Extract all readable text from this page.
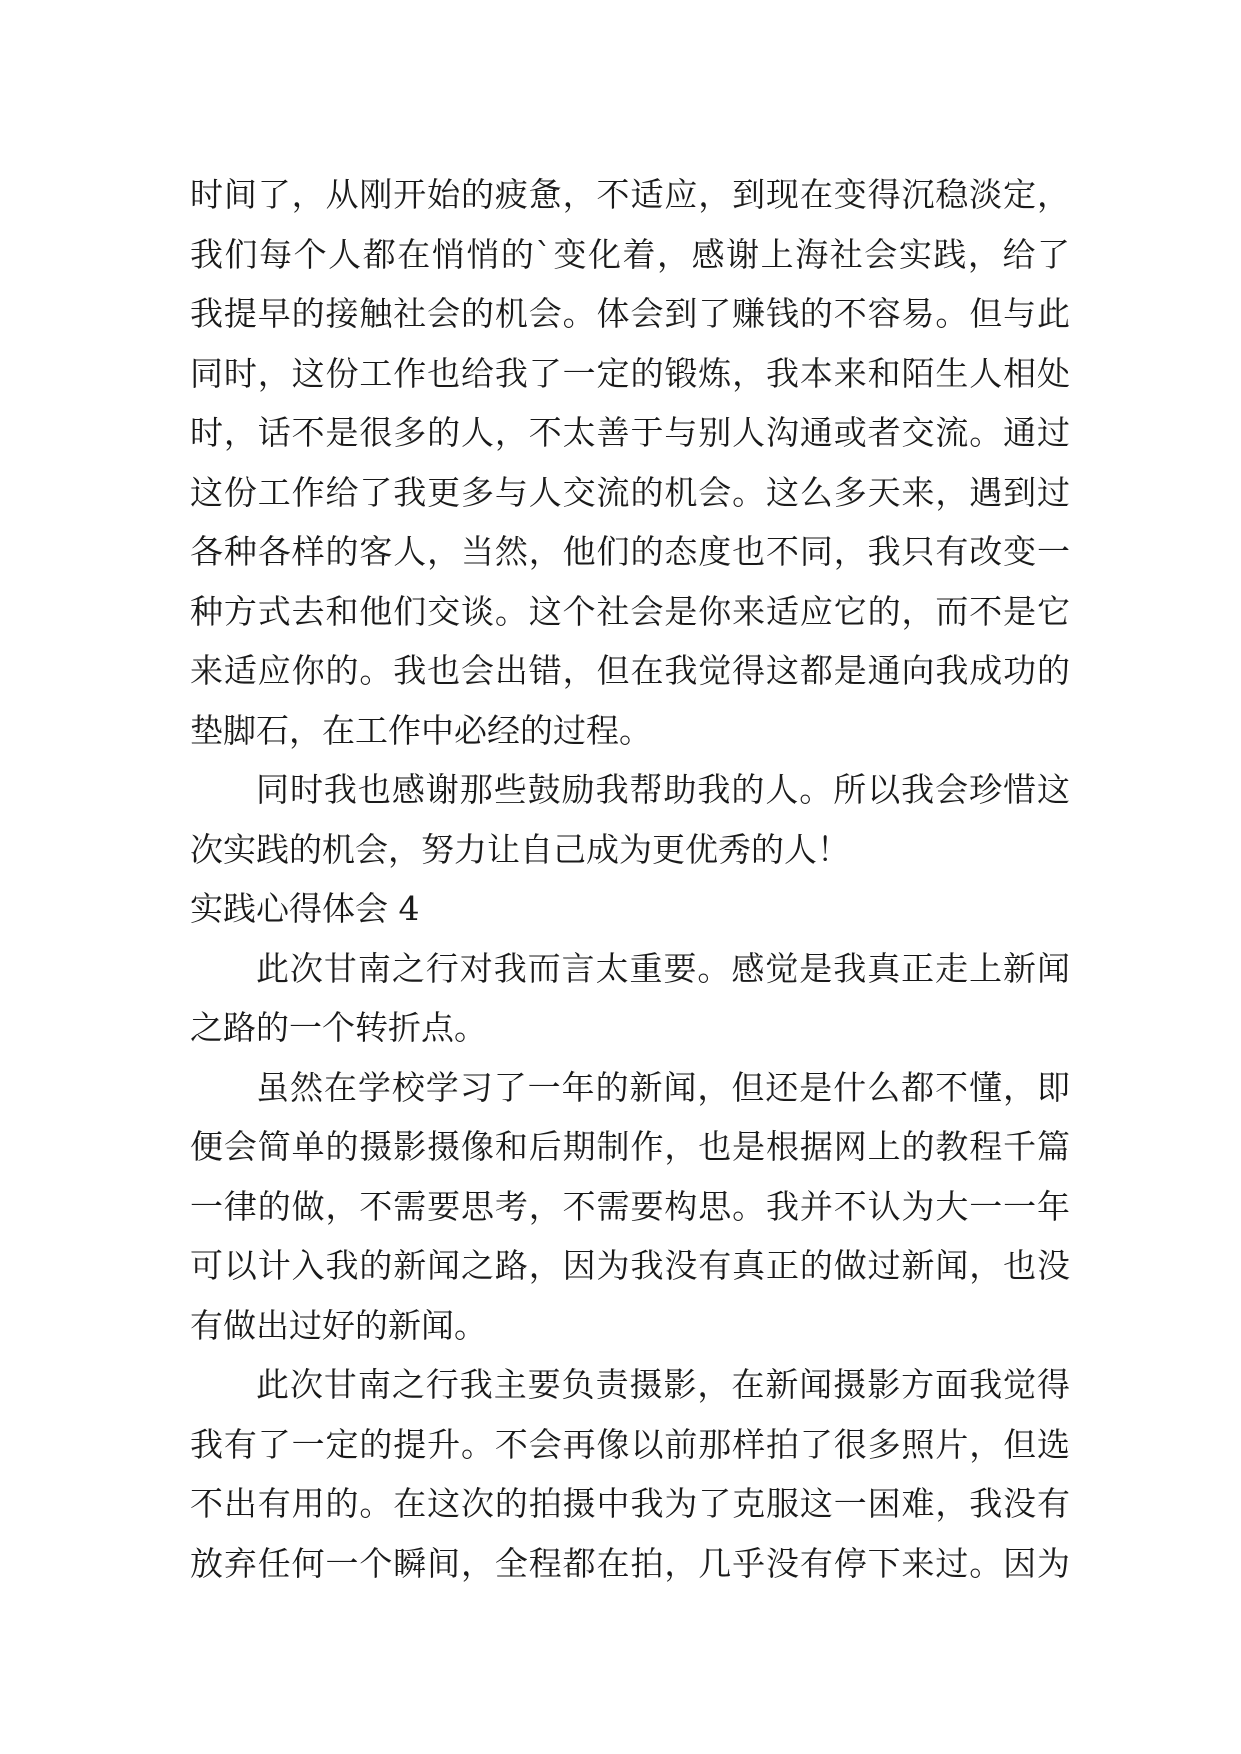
时间了，从刚开始的疲惫，不适应，到现在变得沉稳淡定，
我们每个人都在悄悄的`变化着，感谢上海社会实践，给了
我提早的接触社会的机会。体会到了赚钱的不容易。但与此
同时，这份工作也给我了一定的锻炼，我本来和陌生人相处
时，话不是很多的人，不太善于与别人沟通或者交流。通过
这份工作给了我更多与人交流的机会。这么多天来，遇到过
各种各样的客人，当然，他们的态度也不同，我只有改变一
种方式去和他们交谈。这个社会是你来适应它的，而不是它
来适应你的。我也会出错，但在我觉得这都是通向我成功的
垫脚石，在工作中必经的过程。
同时我也感谢那些鼓励我帮助我的人。所以我会珍惜这
次实践的机会，努力让自己成为更优秀的人！
实践心得体会 4
此次甘南之行对我而言太重要。感觉是我真正走上新闻
之路的一个转折点。
虽然在学校学习了一年的新闻，但还是什么都不懂，即
便会简单的摄影摄像和后期制作，也是根据网上的教程千篇
一律的做，不需要思考，不需要构思。我并不认为大一一年
可以计入我的新闻之路，因为我没有真正的做过新闻，也没
有做出过好的新闻。
此次甘南之行我主要负责摄影，在新闻摄影方面我觉得
我有了一定的提升。不会再像以前那样拍了很多照片，但选
不出有用的。在这次的拍摄中我为了克服这一困难，我没有
放弃任何一个瞬间，全程都在拍，几乎没有停下来过。因为
